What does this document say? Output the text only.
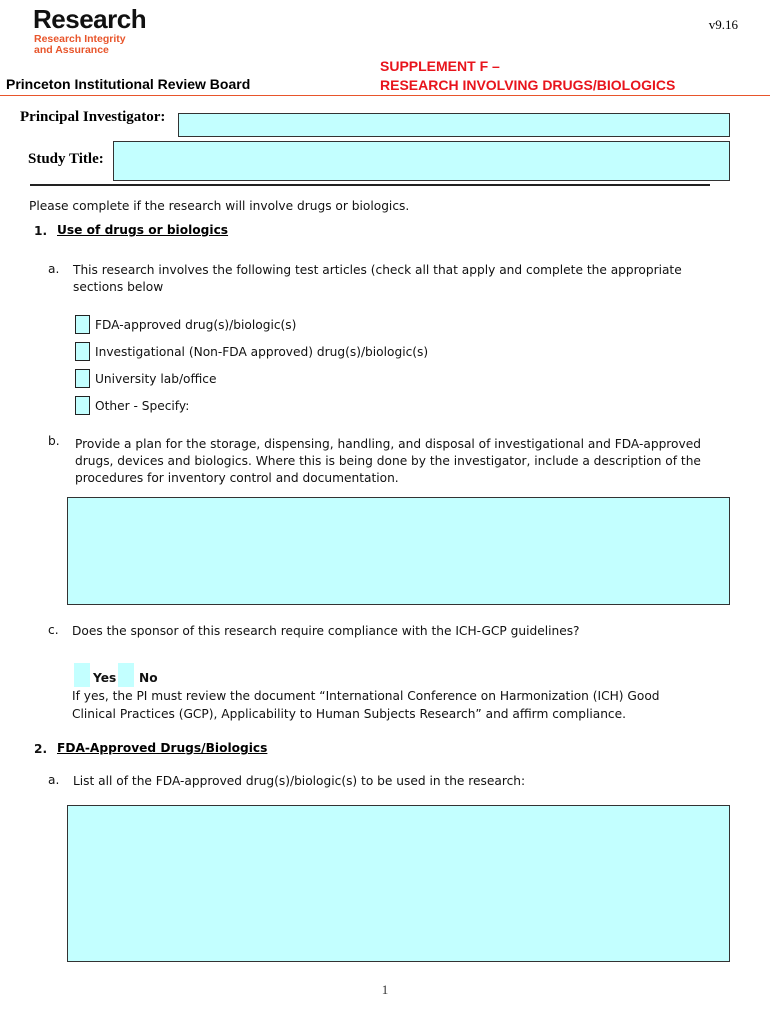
Research
Research Integrity
and Assurance
v9.16
Princeton Institutional Review Board
SUPPLEMENT F –
RESEARCH INVOLVING DRUGS/BIOLOGICS
Principal Investigator:
Study Title:
Please complete if the research will involve drugs or biologics.
1. Use of drugs or biologics
a. This research involves the following test articles (check all that apply and complete the appropriate
sections below
FDA-approved drug(s)/biologic(s)
Investigational (Non-FDA approved) drug(s)/biologic(s)
University lab/office
Other - Specify:
b. Provide a plan for the storage, dispensing, handling, and disposal of investigational and FDA-approved
drugs, devices and biologics. Where this is being done by the investigator, include a description of the
procedures for inventory control and documentation.
c. Does the sponsor of this research require compliance with the ICH-GCP guidelines?
Yes No
If yes, the PI must review the document “International Conference on Harmonization (ICH) Good
Clinical Practices (GCP), Applicability to Human Subjects Research” and affirm compliance.
2. FDA-Approved Drugs/Biologics
a. List all of the FDA-approved drug(s)/biologic(s) to be used in the research:
1
